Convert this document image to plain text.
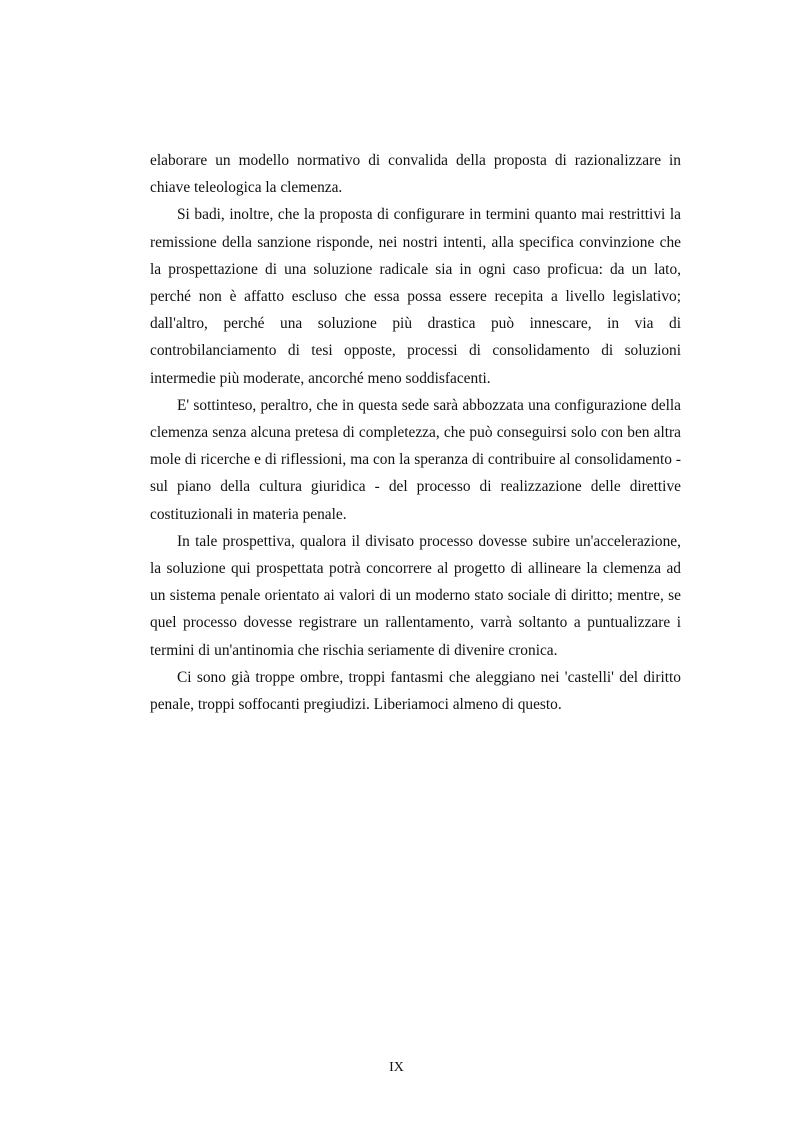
elaborare un modello normativo di convalida della proposta di razionalizzare in chiave teleologica la clemenza.

Si badi, inoltre, che la proposta di configurare in termini quanto mai restrittivi la remissione della sanzione risponde, nei nostri intenti, alla specifica convinzione che la prospettazione di una soluzione radicale sia in ogni caso proficua: da un lato, perché non è affatto escluso che essa possa essere recepita a livello legislativo; dall'altro, perché una soluzione più drastica può innescare, in via di controbilanciamento di tesi opposte, processi di consolidamento di soluzioni intermedie più moderate, ancorché meno soddisfacenti.

E' sottinteso, peraltro, che in questa sede sarà abbozzata una configurazione della clemenza senza alcuna pretesa di completezza, che può conseguirsi solo con ben altra mole di ricerche e di riflessioni, ma con la speranza di contribuire al consolidamento - sul piano della cultura giuridica - del processo di realizzazione delle direttive costituzionali in materia penale.

In tale prospettiva, qualora il divisato processo dovesse subire un'accelerazione, la soluzione qui prospettata potrà concorrere al progetto di allineare la clemenza ad un sistema penale orientato ai valori di un moderno stato sociale di diritto; mentre, se quel processo dovesse registrare un rallentamento, varrà soltanto a puntualizzare i termini di un'antinomia che rischia seriamente di divenire cronica.

Ci sono già troppe ombre, troppi fantasmi che aleggiano nei 'castelli' del diritto penale, troppi soffocanti pregiudizi. Liberiamoci almeno di questo.

IX
